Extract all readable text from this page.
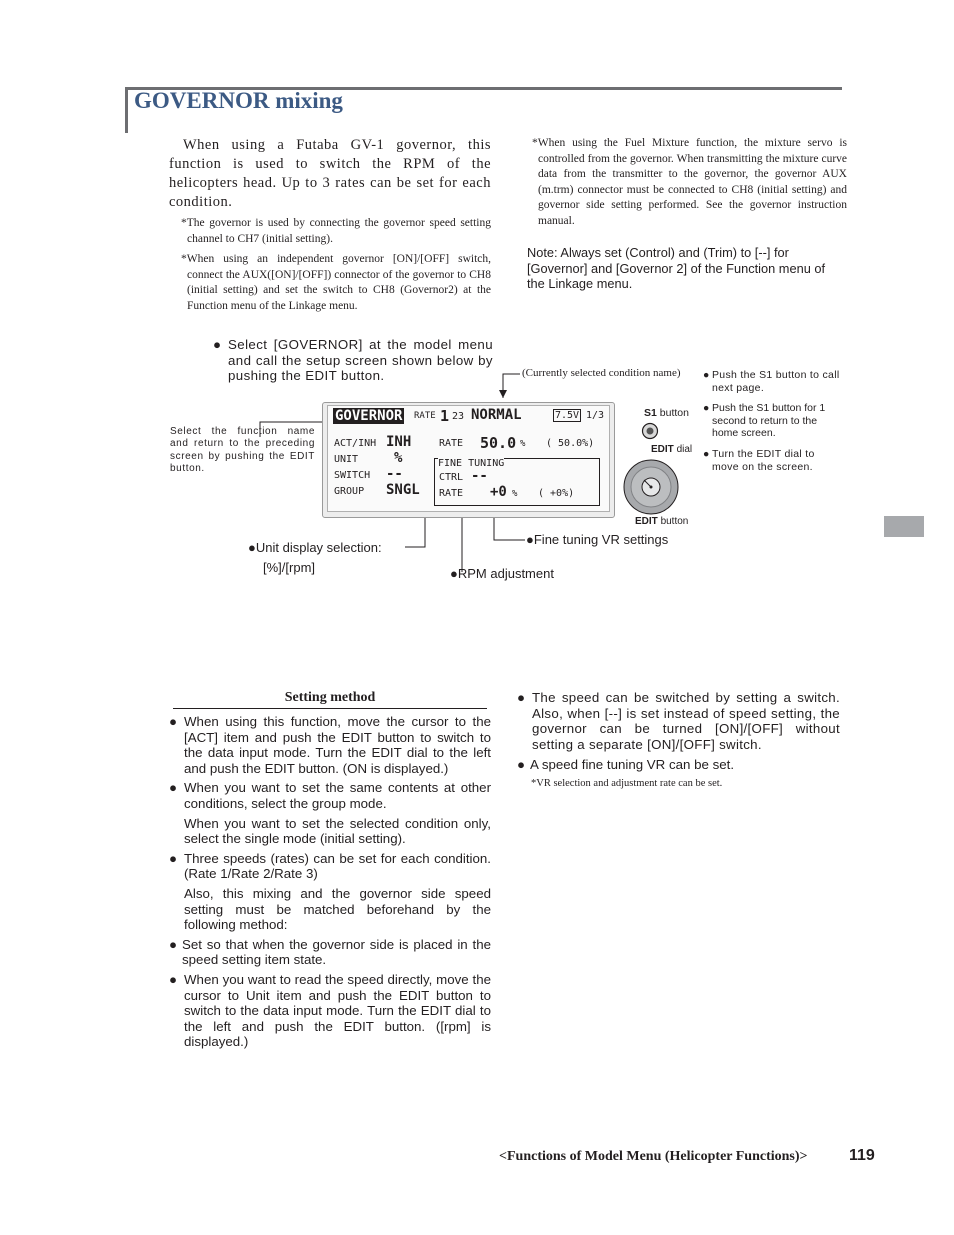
GOVERNOR mixing
When using a Futaba GV-1 governor, this function is used to switch the RPM of the helicopters head. Up to 3 rates can be set for each condition.
*The governor is used by connecting the governor speed setting channel to CH7 (initial setting).
*When using an independent governor [ON]/[OFF] switch, connect the AUX([ON]/[OFF]) connector of the governor to CH8 (initial setting) and set the switch to CH8 (Governor2) at the Function menu of the Linkage menu.
*When using the Fuel Mixture function, the mixture servo is controlled from the governor. When transmitting the mixture curve data from the transmitter to the governor, the governor AUX (m.trm) connector must be connected to CH8 (initial setting) and governor side setting performed. See the governor instruction manual.
Note: Always set (Control) and (Trim) to [--] for [Governor] and [Governor 2] of the Function menu of the Linkage menu.
● Select [GOVERNOR] at the model menu and call the setup screen shown below by pushing the EDIT button.	(Currently selected condition name)
Select the function name and return to the preceding screen by pushing the EDIT button.
GOVERNOR RATE 1 23 NORMAL	7.5V 1/3
ACT/INH INH
UNIT	%
SWITCH --
GROUP SNGL
RATE 50.0 % ( 50.0%)
FINE TUNING
CTRL --
RATE +0 % ( +0%)
S1 button
EDIT dial
EDIT button
● Push the S1 button to call next page.
● Push the S1 button for 1 second to return to the home screen.
● Turn the EDIT dial to move on the screen.
●Unit display selection:
[%]/[rpm]	●RPM adjustment
●Fine tuning VR settings
Setting method
● When using this function, move the cursor to the [ACT] item and push the EDIT button to switch to the data input mode. Turn the EDIT dial to the left and push the EDIT button. (ON is displayed.)
● When you want to set the same contents at other conditions, select the group mode.
When you want to set the selected condition only, select the single mode (initial setting).
● Three speeds (rates) can be set for each condition. (Rate 1/Rate 2/Rate 3)
Also, this mixing and the governor side speed setting must be matched beforehand by the following method:
● Set so that when the governor side is placed in the speed setting item state.
● When you want to read the speed directly, move the cursor to Unit item and push the EDIT button to switch to the data input mode. Turn the EDIT dial to the left and push the EDIT button. ([rpm] is displayed.)
● The speed can be switched by setting a switch. Also, when [--] is set instead of speed setting, the governor can be turned [ON]/[OFF] without setting a separate [ON]/[OFF] switch.
● A speed fine tuning VR can be set.
*VR selection and adjustment rate can be set.
<Functions of Model Menu (Helicopter Functions)>	119
